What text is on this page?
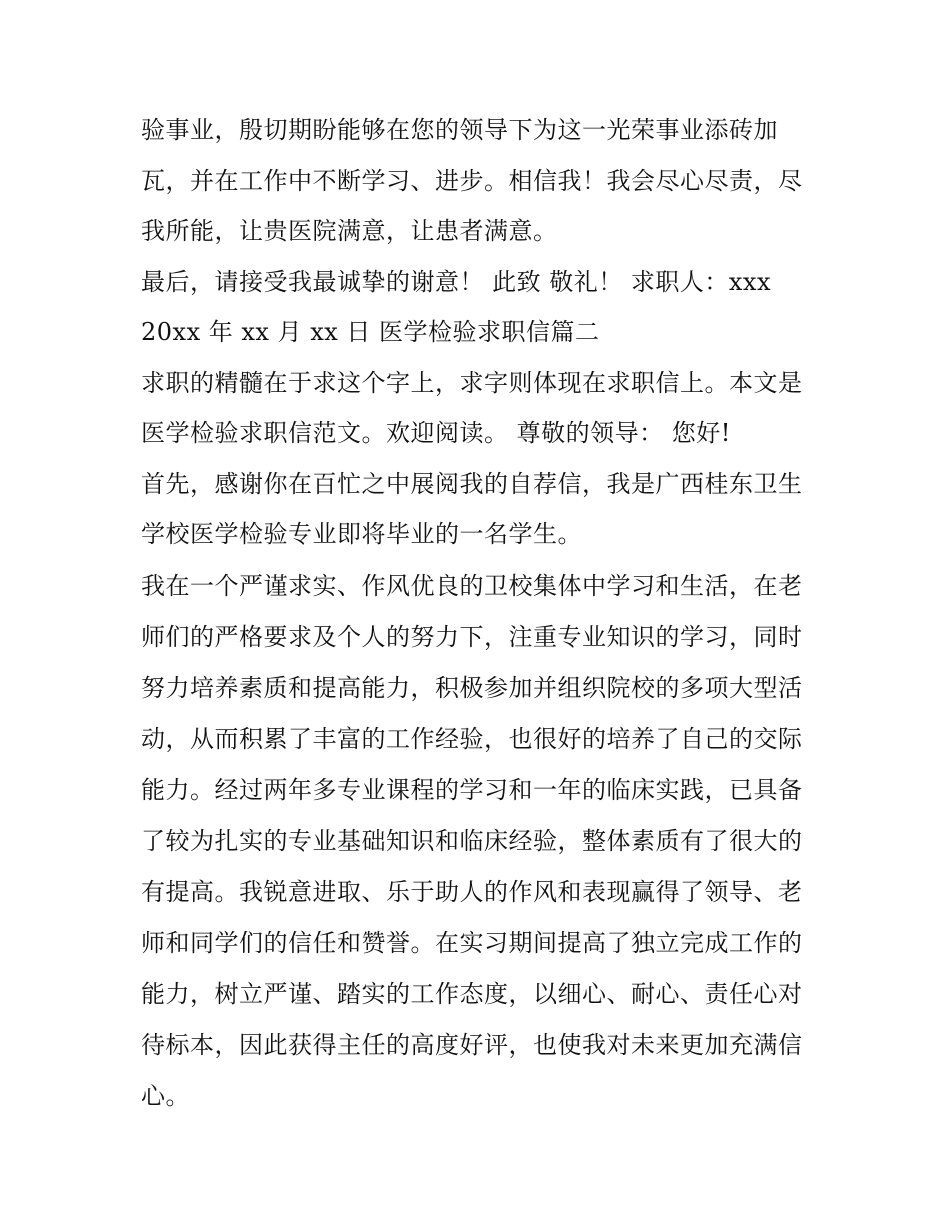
验事业，殷切期盼能够在您的领导下为这一光荣事业添砖加
瓦，并在工作中不断学习、进步。相信我！我会尽心尽责，尽
我所能，让贵医院满意，让患者满意。
最后，请接受我最诚挚的谢意！ 此致 敬礼！ 求职人：xxx
20xx 年 xx 月 xx 日 医学检验求职信篇二
求职的精髓在于求这个字上，求字则体现在求职信上。本文是
医学检验求职信范文。欢迎阅读。 尊敬的领导： 您好!
首先，感谢你在百忙之中展阅我的自荐信，我是广西桂东卫生
学校医学检验专业即将毕业的一名学生。
我在一个严谨求实、作风优良的卫校集体中学习和生活，在老
师们的严格要求及个人的努力下，注重专业知识的学习，同时
努力培养素质和提高能力，积极参加并组织院校的多项大型活
动，从而积累了丰富的工作经验，也很好的培养了自己的交际
能力。经过两年多专业课程的学习和一年的临床实践，已具备
了较为扎实的专业基础知识和临床经验，整体素质有了很大的
有提高。我锐意进取、乐于助人的作风和表现赢得了领导、老
师和同学们的信任和赞誉。在实习期间提高了独立完成工作的
能力，树立严谨、踏实的工作态度，以细心、耐心、责任心对
待标本，因此获得主任的高度好评，也使我对未来更加充满信
心。
